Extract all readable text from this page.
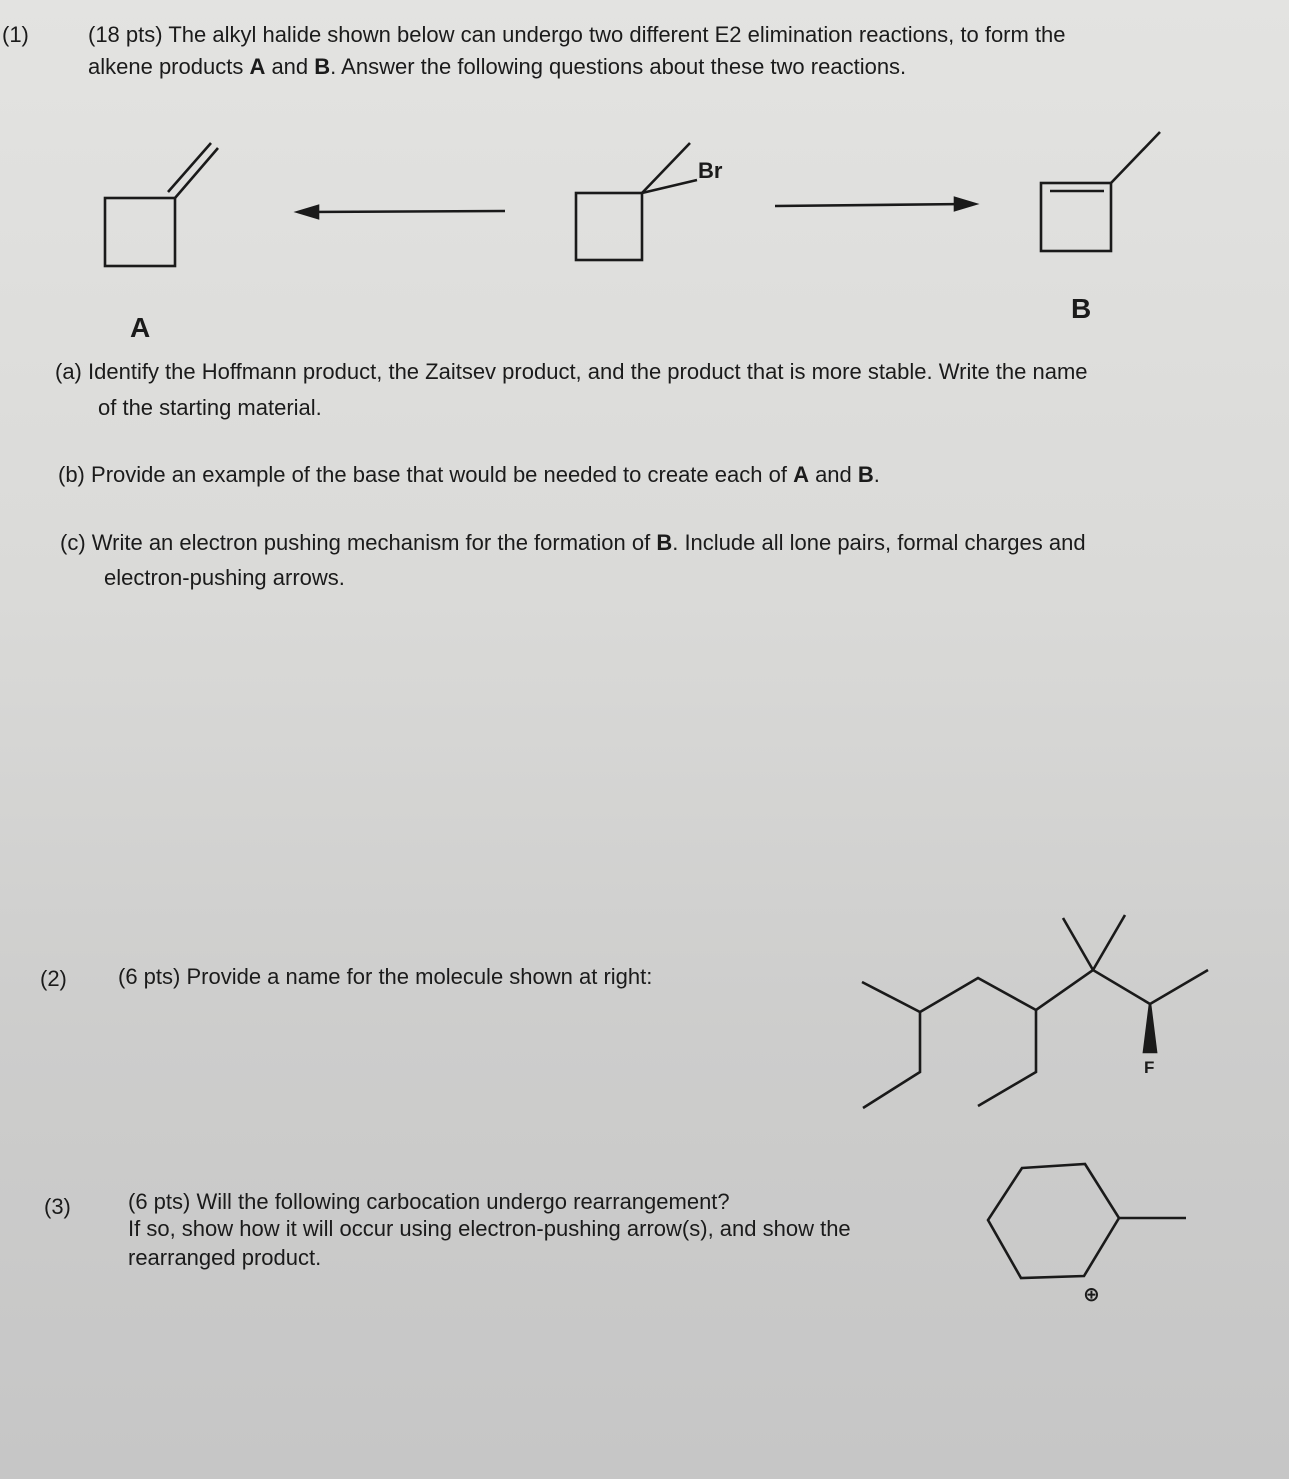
(1)	(18 pts) The alkyl halide shown below can undergo two different E2 elimination reactions, to form the
alkene products A and B. Answer the following questions about these two reactions.
Br
A
B
(a) Identify the Hoffmann product, the Zaitsev product, and the product that is more stable. Write the name
of the starting material.
(b) Provide an example of the base that would be needed to create each of A and B.
(c) Write an electron pushing mechanism for the formation of B. Include all lone pairs, formal charges and
electron-pushing arrows.
(2) (6 pts) Provide a name for the molecule shown at right:
F
(3)	(6 pts) Will the following carbocation undergo rearrangement?
If so, show how it will occur using electron-pushing arrow(s), and show the
rearranged product.
⊕
